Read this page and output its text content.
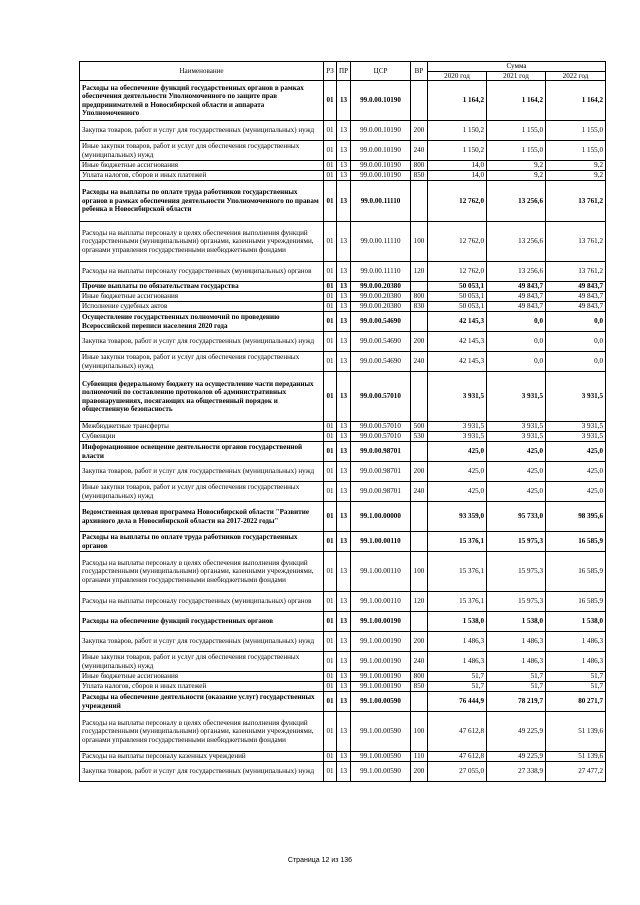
Наименование	РЗ	ПР	ЦСР	ВР	Сумма		
					2020 год	2021 год	2022 год
Расходы на обеспечение функций государственных органов в рамках обеспечения деятельности Уполномоченного по защите прав предпринимателей в Новосибирской области и аппарата Уполномоченного	01	13	99.0.00.10190		1 164,2	1 164,2	1 164,2
Закупка товаров, работ и услуг для государственных (муниципальных) нужд	01	13	99.0.00.10190	200	1 150,2	1 155,0	1 155,0
Иные закупки товаров, работ и услуг для обеспечения государственных (муниципальных) нужд	01	13	99.0.00.10190	240	1 150,2	1 155,0	1 155,0
Иные бюджетные ассигнования	01	13	99.0.00.10190	800	14,0	9,2	9,2
Уплата налогов, сборов и иных платежей	01	13	99.0.00.10190	850	14,0	9,2	9,2
Расходы на выплаты по оплате труда работников государственных органов в рамках обеспечения деятельности Уполномоченного по правам ребенка в Новосибирской области	01	13	99.0.00.11110		12 762,0	13 256,6	13 761,2
Расходы на выплаты персоналу в целях обеспечения выполнения функций государственными (муниципальными) органами, казенными учреждениями, органами управления государственными внебюджетными фондами	01	13	99.0.00.11110	100	12 762,0	13 256,6	13 761,2
Расходы на выплаты персоналу государственных (муниципальных) органов	01	13	99.0.00.11110	120	12 762,0	13 256,6	13 761,2
Прочие выплаты по обязательствам государства	01	13	99.0.00.20380		50 053,1	49 843,7	49 843,7
Иные бюджетные ассигнования	01	13	99.0.00.20380	800	50 053,1	49 843,7	49 843,7
Исполнение судебных актов	01	13	99.0.00.20380	830	50 053,1	49 843,7	49 843,7
Осуществление государственных полномочий по проведению Всероссийской переписи населения 2020 года	01	13	99.0.00.54690		42 145,3	0,0	0,0
Закупка товаров, работ и услуг для государственных (муниципальных) нужд	01	13	99.0.00.54690	200	42 145,3	0,0	0,0
Иные закупки товаров, работ и услуг для обеспечения государственных (муниципальных) нужд	01	13	99.0.00.54690	240	42 145,3	0,0	0,0
Субвенция федеральному бюджету на осуществление части переданных полномочий по составлению протоколов об административных правонарушениях, посягающих на общественный порядок и общественную безопасность	01	13	99.0.00.57010		3 931,5	3 931,5	3 931,5
Межбюджетные трансферты	01	13	99.0.00.57010	500	3 931,5	3 931,5	3 931,5
Субвенции	01	13	99.0.00.57010	530	3 931,5	3 931,5	3 931,5
Информационное освещение деятельности органов государственной власти	01	13	99.0.00.98701		425,0	425,0	425,0
Закупка товаров, работ и услуг для государственных (муниципальных) нужд	01	13	99.0.00.98701	200	425,0	425,0	425,0
Иные закупки товаров, работ и услуг для обеспечения государственных (муниципальных) нужд	01	13	99.0.00.98701	240	425,0	425,0	425,0
Ведомственная целевая программа Новосибирской области "Развитие архивного дела в Новосибирской области на 2017-2022 годы"	01	13	99.1.00.00000		93 359,0	95 733,0	98 395,6
Расходы на выплаты по оплате труда работников государственных органов	01	13	99.1.00.00110		15 376,1	15 975,3	16 585,9
Расходы на выплаты персоналу в целях обеспечения выполнения функций государственными (муниципальными) органами, казенными учреждениями, органами управления государственными внебюджетными фондами	01	13	99.1.00.00110	100	15 376,1	15 975,3	16 585,9
Расходы на выплаты персоналу государственных (муниципальных) органов	01	13	99.1.00.00110	120	15 376,1	15 975,3	16 585,9
Расходы на обеспечение функций государственных органов	01	13	99.1.00.00190		1 538,0	1 538,0	1 538,0
Закупка товаров, работ и услуг для государственных (муниципальных) нужд	01	13	99.1.00.00190	200	1 486,3	1 486,3	1 486,3
Иные закупки товаров, работ и услуг для обеспечения государственных (муниципальных) нужд	01	13	99.1.00.00190	240	1 486,3	1 486,3	1 486,3
Иные бюджетные ассигнования	01	13	99.1.00.00190	800	51,7	51,7	51,7
Уплата налогов, сборов и иных платежей	01	13	99.1.00.00190	850	51,7	51,7	51,7
Расходы на обеспечение деятельности (оказание услуг) государственных учреждений	01	13	99.1.00.00590		76 444,9	78 219,7	80 271,7
Расходы на выплаты персоналу в целях обеспечения выполнения функций государственными (муниципальными) органами, казенными учреждениями, органами управления государственными внебюджетными фондами	01	13	99.1.00.00590	100	47 612,8	49 225,9	51 139,6
Расходы на выплаты персоналу казенных учреждений	01	13	99.1.00.00590	110	47 612,8	49 225,9	51 139,6
Закупка товаров, работ и услуг для государственных (муниципальных) нужд	01	13	99.1.00.00590	200	27 055,0	27 338,9	27 477,2
Страница 12 из 136
